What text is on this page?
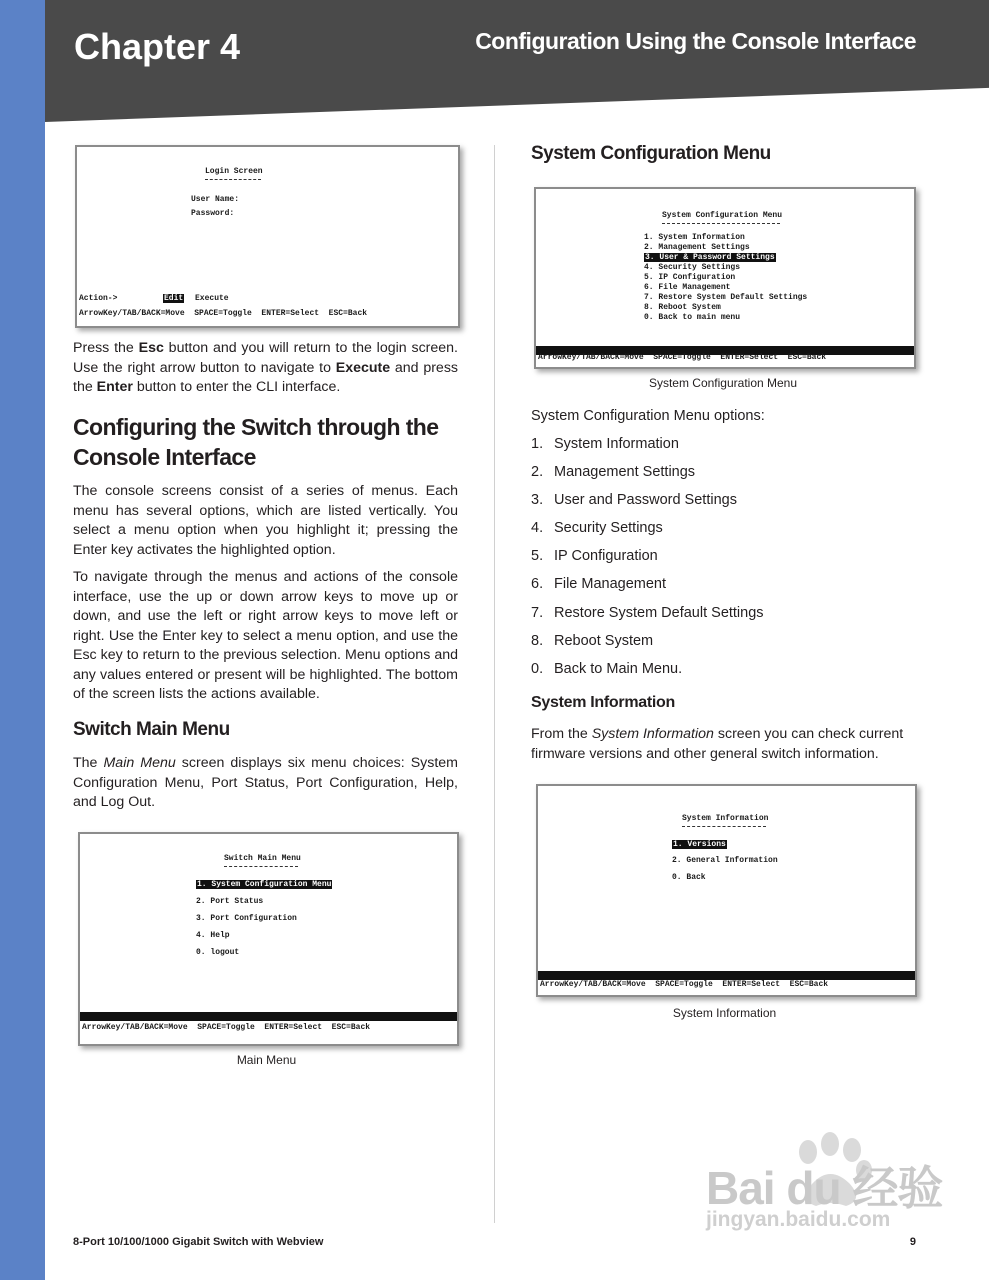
Chapter 4	Configuration Using the Console Interface
Login Screen
User Name:
Password:
Action->	Edit Execute
ArrowKey/TAB/BACK=Move  SPACE=Toggle  ENTER=Select  ESC=Back

Press the Esc button and you will return to the login screen. Use the right arrow button to navigate to Execute and press the Enter button to enter the CLI interface.

Configuring the Switch through the Console Interface

The console screens consist of a series of menus. Each menu has several options, which are listed vertically. You select a menu option when you highlight it; pressing the Enter key activates the highlighted option.

To navigate through the menus and actions of the console interface, use the up or down arrow keys to move up or down, and use the left or right arrow keys to move left or right. Use the Enter key to select a menu option, and use the Esc key to return to the previous selection. Menu options and any values entered or present will be highlighted. The bottom of the screen lists the actions available.

Switch Main Menu

The Main Menu screen displays six menu choices: System Configuration Menu, Port Status, Port Configuration, Help, and Log Out.

Switch Main Menu
1. System Configuration Menu
2. Port Status
3. Port Configuration
4. Help
0. logout
ArrowKey/TAB/BACK=Move  SPACE=Toggle  ENTER=Select  ESC=Back
Main Menu
System Configuration Menu
System Configuration Menu
1. System Information
2. Management Settings
3. User & Password Settings
4. Security Settings
5. IP Configuration
6. File Management
7. Restore System Default Settings
8. Reboot System
0. Back to main menu
ArrowKey/TAB/BACK=Move  SPACE=Toggle  ENTER=Select  ESC=Back
System Configuration Menu
System Configuration Menu options:
1. System Information
2. Management Settings
3. User and Password Settings
4. Security Settings
5. IP Configuration
6. File Management
7. Restore System Default Settings
8. Reboot System
0. Back to Main Menu.
System Information

From the System Information screen you can check current firmware versions and other general switch information.

System Information
1. Versions
2. General Information
0. Back
ArrowKey/TAB/BACK=Move  SPACE=Toggle  ENTER=Select  ESC=Back
System Information
Bai du 经验
jingyan.baidu.com
8-Port 10/100/1000 Gigabit Switch with Webview	9
